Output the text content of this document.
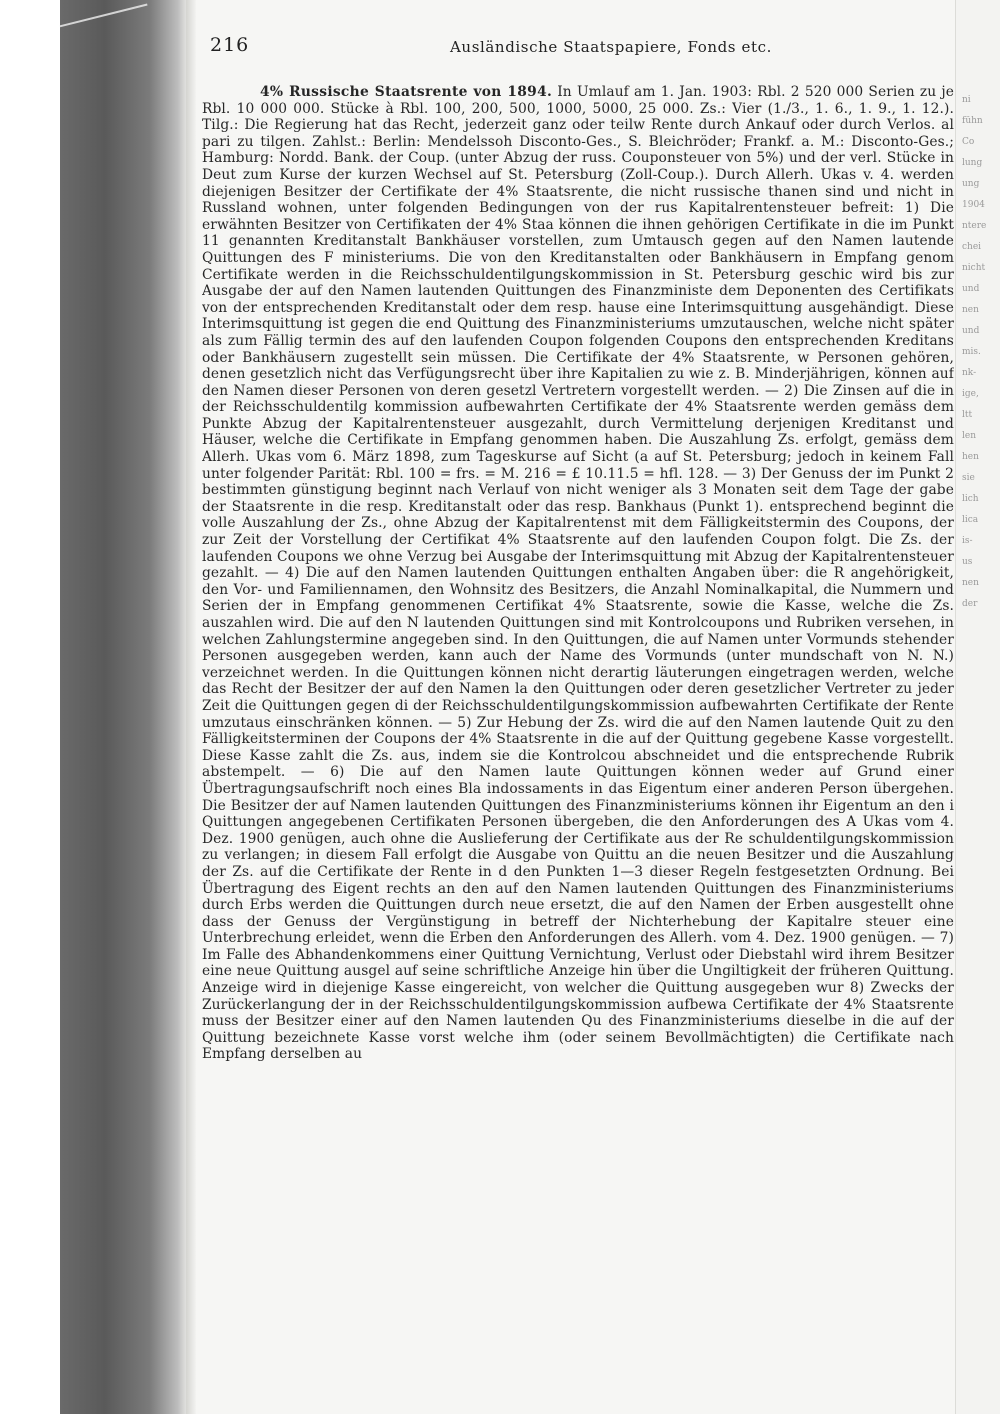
216	Ausländische Staatspapiere, Fonds etc.

4% Russische Staatsrente von 1894. In Umlauf am 1. Jan. 1903: Rbl. 2 520 000 Serien zu je Rbl. 10 000 000. Stücke à Rbl. 100, 200, 500, 1000, 5000, 25 000. Zs.: Vier (1./3., 1. 6., 1. 9., 1. 12.). Tilg.: Die Regierung hat das Recht, jederzeit ganz oder teilw Rente durch Ankauf oder durch Verlos. al pari zu tilgen. Zahlst.: Berlin: Mendelssoh Disconto-Ges., S. Bleichröder; Frankf. a. M.: Disconto-Ges.; Hamburg: Nordd. Bank. der Coup. (unter Abzug der russ. Couponsteuer von 5%) und der verl. Stücke in Deut zum Kurse der kurzen Wechsel auf St. Petersburg (Zoll-Coup.). Durch Allerh. Ukas v. 4. werden diejenigen Besitzer der Certifikate der 4% Staatsrente, die nicht russische thanen sind und nicht in Russland wohnen, unter folgenden Bedingungen von der rus Kapitalrentensteuer befreit: 1) Die erwähnten Besitzer von Certifikaten der 4% Staa können die ihnen gehörigen Certifikate in die im Punkt 11 genannten Kreditanstalt Bankhäuser vorstellen, zum Umtausch gegen auf den Namen lautende Quittungen des F ministeriums. Die von den Kreditanstalten oder Bankhäusern in Empfang genom Certifikate werden in die Reichsschuldentilgungskommission in St. Petersburg geschic wird bis zur Ausgabe der auf den Namen lautenden Quittungen des Finanzministe dem Deponenten des Certifikats von der entsprechenden Kreditanstalt oder dem resp. hause eine Interimsquittung ausgehändigt. Diese Interimsquittung ist gegen die end Quittung des Finanzministeriums umzutauschen, welche nicht später als zum Fällig termin des auf den laufenden Coupon folgenden Coupons den entsprechenden Kreditans oder Bankhäusern zugestellt sein müssen. Die Certifikate der 4% Staatsrente, w Personen gehören, denen gesetzlich nicht das Verfügungsrecht über ihre Kapitalien zu wie z. B. Minderjährigen, können auf den Namen dieser Personen von deren gesetzl Vertretern vorgestellt werden. — 2) Die Zinsen auf die in der Reichsschuldentilg kommission aufbewahrten Certifikate der 4% Staatsrente werden gemäss dem Punkte Abzug der Kapitalrentensteuer ausgezahlt, durch Vermittelung derjenigen Kreditanst und Häuser, welche die Certifikate in Empfang genommen haben. Die Auszahlung Zs. erfolgt, gemäss dem Allerh. Ukas vom 6. März 1898, zum Tageskurse auf Sicht (a auf St. Petersburg; jedoch in keinem Fall unter folgender Parität: Rbl. 100 = frs. = M. 216 = £ 10.11.5 = hfl. 128. — 3) Der Genuss der im Punkt 2 bestimmten günstigung beginnt nach Verlauf von nicht weniger als 3 Monaten seit dem Tage der gabe der Staatsrente in die resp. Kreditanstalt oder das resp. Bankhaus (Punkt 1). entsprechend beginnt die volle Auszahlung der Zs., ohne Abzug der Kapitalrentenst mit dem Fälligkeitstermin des Coupons, der zur Zeit der Vorstellung der Certifikat 4% Staatsrente auf den laufenden Coupon folgt. Die Zs. der laufenden Coupons we ohne Verzug bei Ausgabe der Interimsquittung mit Abzug der Kapitalrentensteuer gezahlt. — 4) Die auf den Namen lautenden Quittungen enthalten Angaben über: die R angehörigkeit, den Vor- und Familiennamen, den Wohnsitz des Besitzers, die Anzahl Nominalkapital, die Nummern und Serien der in Empfang genommenen Certifikat 4% Staatsrente, sowie die Kasse, welche die Zs. auszahlen wird. Die auf den N lautenden Quittungen sind mit Kontrolcoupons und Rubriken versehen, in welchen Zahlungstermine angegeben sind. In den Quittungen, die auf Namen unter Vormunds stehender Personen ausgegeben werden, kann auch der Name des Vormunds (unter mundschaft von N. N.) verzeichnet werden. In die Quittungen können nicht derartig läuterungen eingetragen werden, welche das Recht der Besitzer der auf den Namen la den Quittungen oder deren gesetzlicher Vertreter zu jeder Zeit die Quittungen gegen di der Reichsschuldentilgungskommission aufbewahrten Certifikate der Rente umzutaus einschränken können. — 5) Zur Hebung der Zs. wird die auf den Namen lautende Quit zu den Fälligkeitsterminen der Coupons der 4% Staatsrente in die auf der Quittung gegebene Kasse vorgestellt. Diese Kasse zahlt die Zs. aus, indem sie die Kontrolcou abschneidet und die entsprechende Rubrik abstempelt. — 6) Die auf den Namen laute Quittungen können weder auf Grund einer Übertragungsaufschrift noch eines Bla indossaments in das Eigentum einer anderen Person übergehen. Die Besitzer der auf Namen lautenden Quittungen des Finanzministeriums können ihr Eigentum an den i Quittungen angegebenen Certifikaten Personen übergeben, die den Anforderungen des A Ukas vom 4. Dez. 1900 genügen, auch ohne die Auslieferung der Certifikate aus der Re schuldentilgungskommission zu verlangen; in diesem Fall erfolgt die Ausgabe von Quittu an die neuen Besitzer und die Auszahlung der Zs. auf die Certifikate der Rente in d den Punkten 1—3 dieser Regeln festgesetzten Ordnung. Bei Übertragung des Eigent rechts an den auf den Namen lautenden Quittungen des Finanzministeriums durch Erbs werden die Quittungen durch neue ersetzt, die auf den Namen der Erben ausgestellt ohne dass der Genuss der Vergünstigung in betreff der Nichterhebung der Kapitalre steuer eine Unterbrechung erleidet, wenn die Erben den Anforderungen des Allerh. vom 4. Dez. 1900 genügen. — 7) Im Falle des Abhandenkommens einer Quittung Vernichtung, Verlust oder Diebstahl wird ihrem Besitzer eine neue Quittung ausgel auf seine schriftliche Anzeige hin über die Ungiltigkeit der früheren Quittung. Anzeige wird in diejenige Kasse eingereicht, von welcher die Quittung ausgegeben wur 8) Zwecks der Zurückerlangung der in der Reichsschuldentilgungskommission aufbewa Certifikate der 4% Staatsrente muss der Besitzer einer auf den Namen lautenden Qu des Finanzministeriums dieselbe in die auf der Quittung bezeichnete Kasse vorst welche ihm (oder seinem Bevollmächtigten) die Certifikate nach Empfang derselben au

ni
fühn
Co
lung
ung
1904
ntere
chei
nicht
und
nen
und
mis.
nk-
ige,
ltt
len
hen
sie
lich
lica
is-
us
nen
der
